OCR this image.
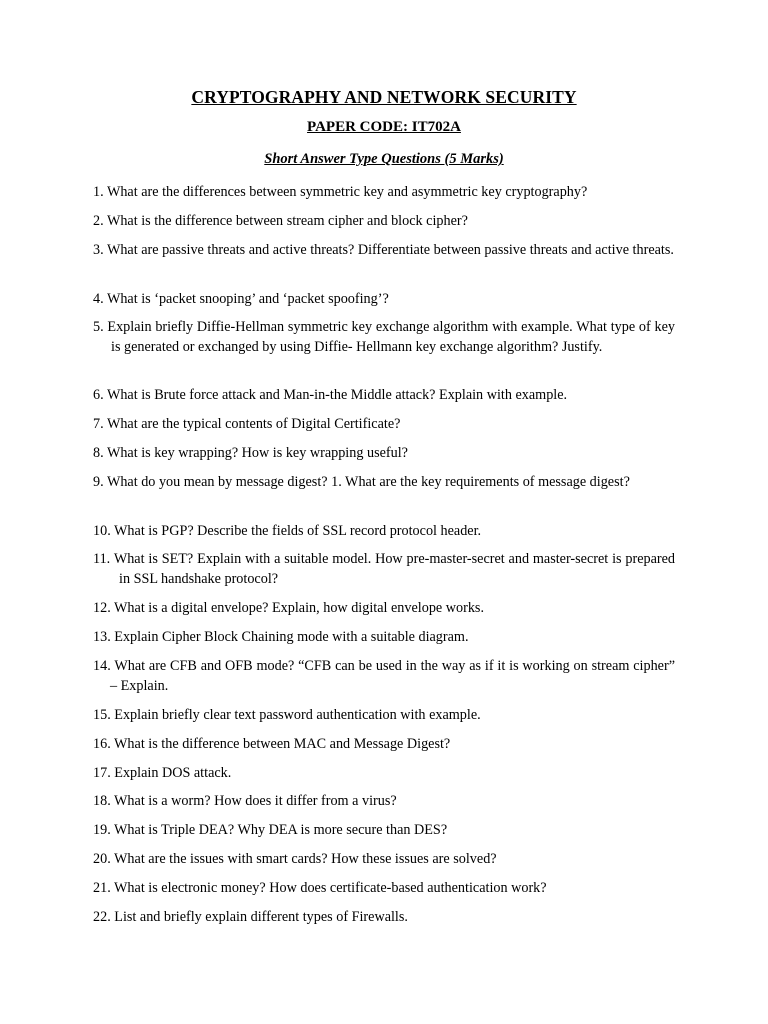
CRYPTOGRAPHY AND NETWORK SECURITY
PAPER CODE: IT702A
Short Answer Type Questions (5 Marks)
1. What are the differences between symmetric key and asymmetric key cryptography?
2. What is the difference between stream cipher and block cipher?
3. What are passive threats and active threats? Differentiate between passive threats and active threats.
4. What is ‘packet snooping’ and ‘packet spoofing’?
5. Explain briefly Diffie-Hellman symmetric key exchange algorithm with example. What type of key is generated or exchanged by using Diffie- Hellmann key exchange algorithm? Justify.
6. What is Brute force attack and Man-in-the Middle attack? Explain with example.
7. What are the typical contents of Digital Certificate?
8. What is key wrapping? How is key wrapping useful?
9. What do you mean by message digest? 1. What are the key requirements of message digest?
10. What is PGP? Describe the fields of SSL record protocol header.
11. What is SET? Explain with a suitable model. How pre-master-secret and master-secret is prepared in SSL handshake protocol?
12. What is a digital envelope? Explain, how digital envelope works.
13. Explain Cipher Block Chaining mode with a suitable diagram.
14. What are CFB and OFB mode? “CFB can be used in the way as if it is working on stream cipher” – Explain.
15. Explain briefly clear text password authentication with example.
16. What is the difference between MAC and Message Digest?
17. Explain DOS attack.
18. What is a worm? How does it differ from a virus?
19. What is Triple DEA? Why DEA is more secure than DES?
20. What are the issues with smart cards? How these issues are solved?
21. What is electronic money? How does certificate-based authentication work?
22. List and briefly explain different types of Firewalls.
